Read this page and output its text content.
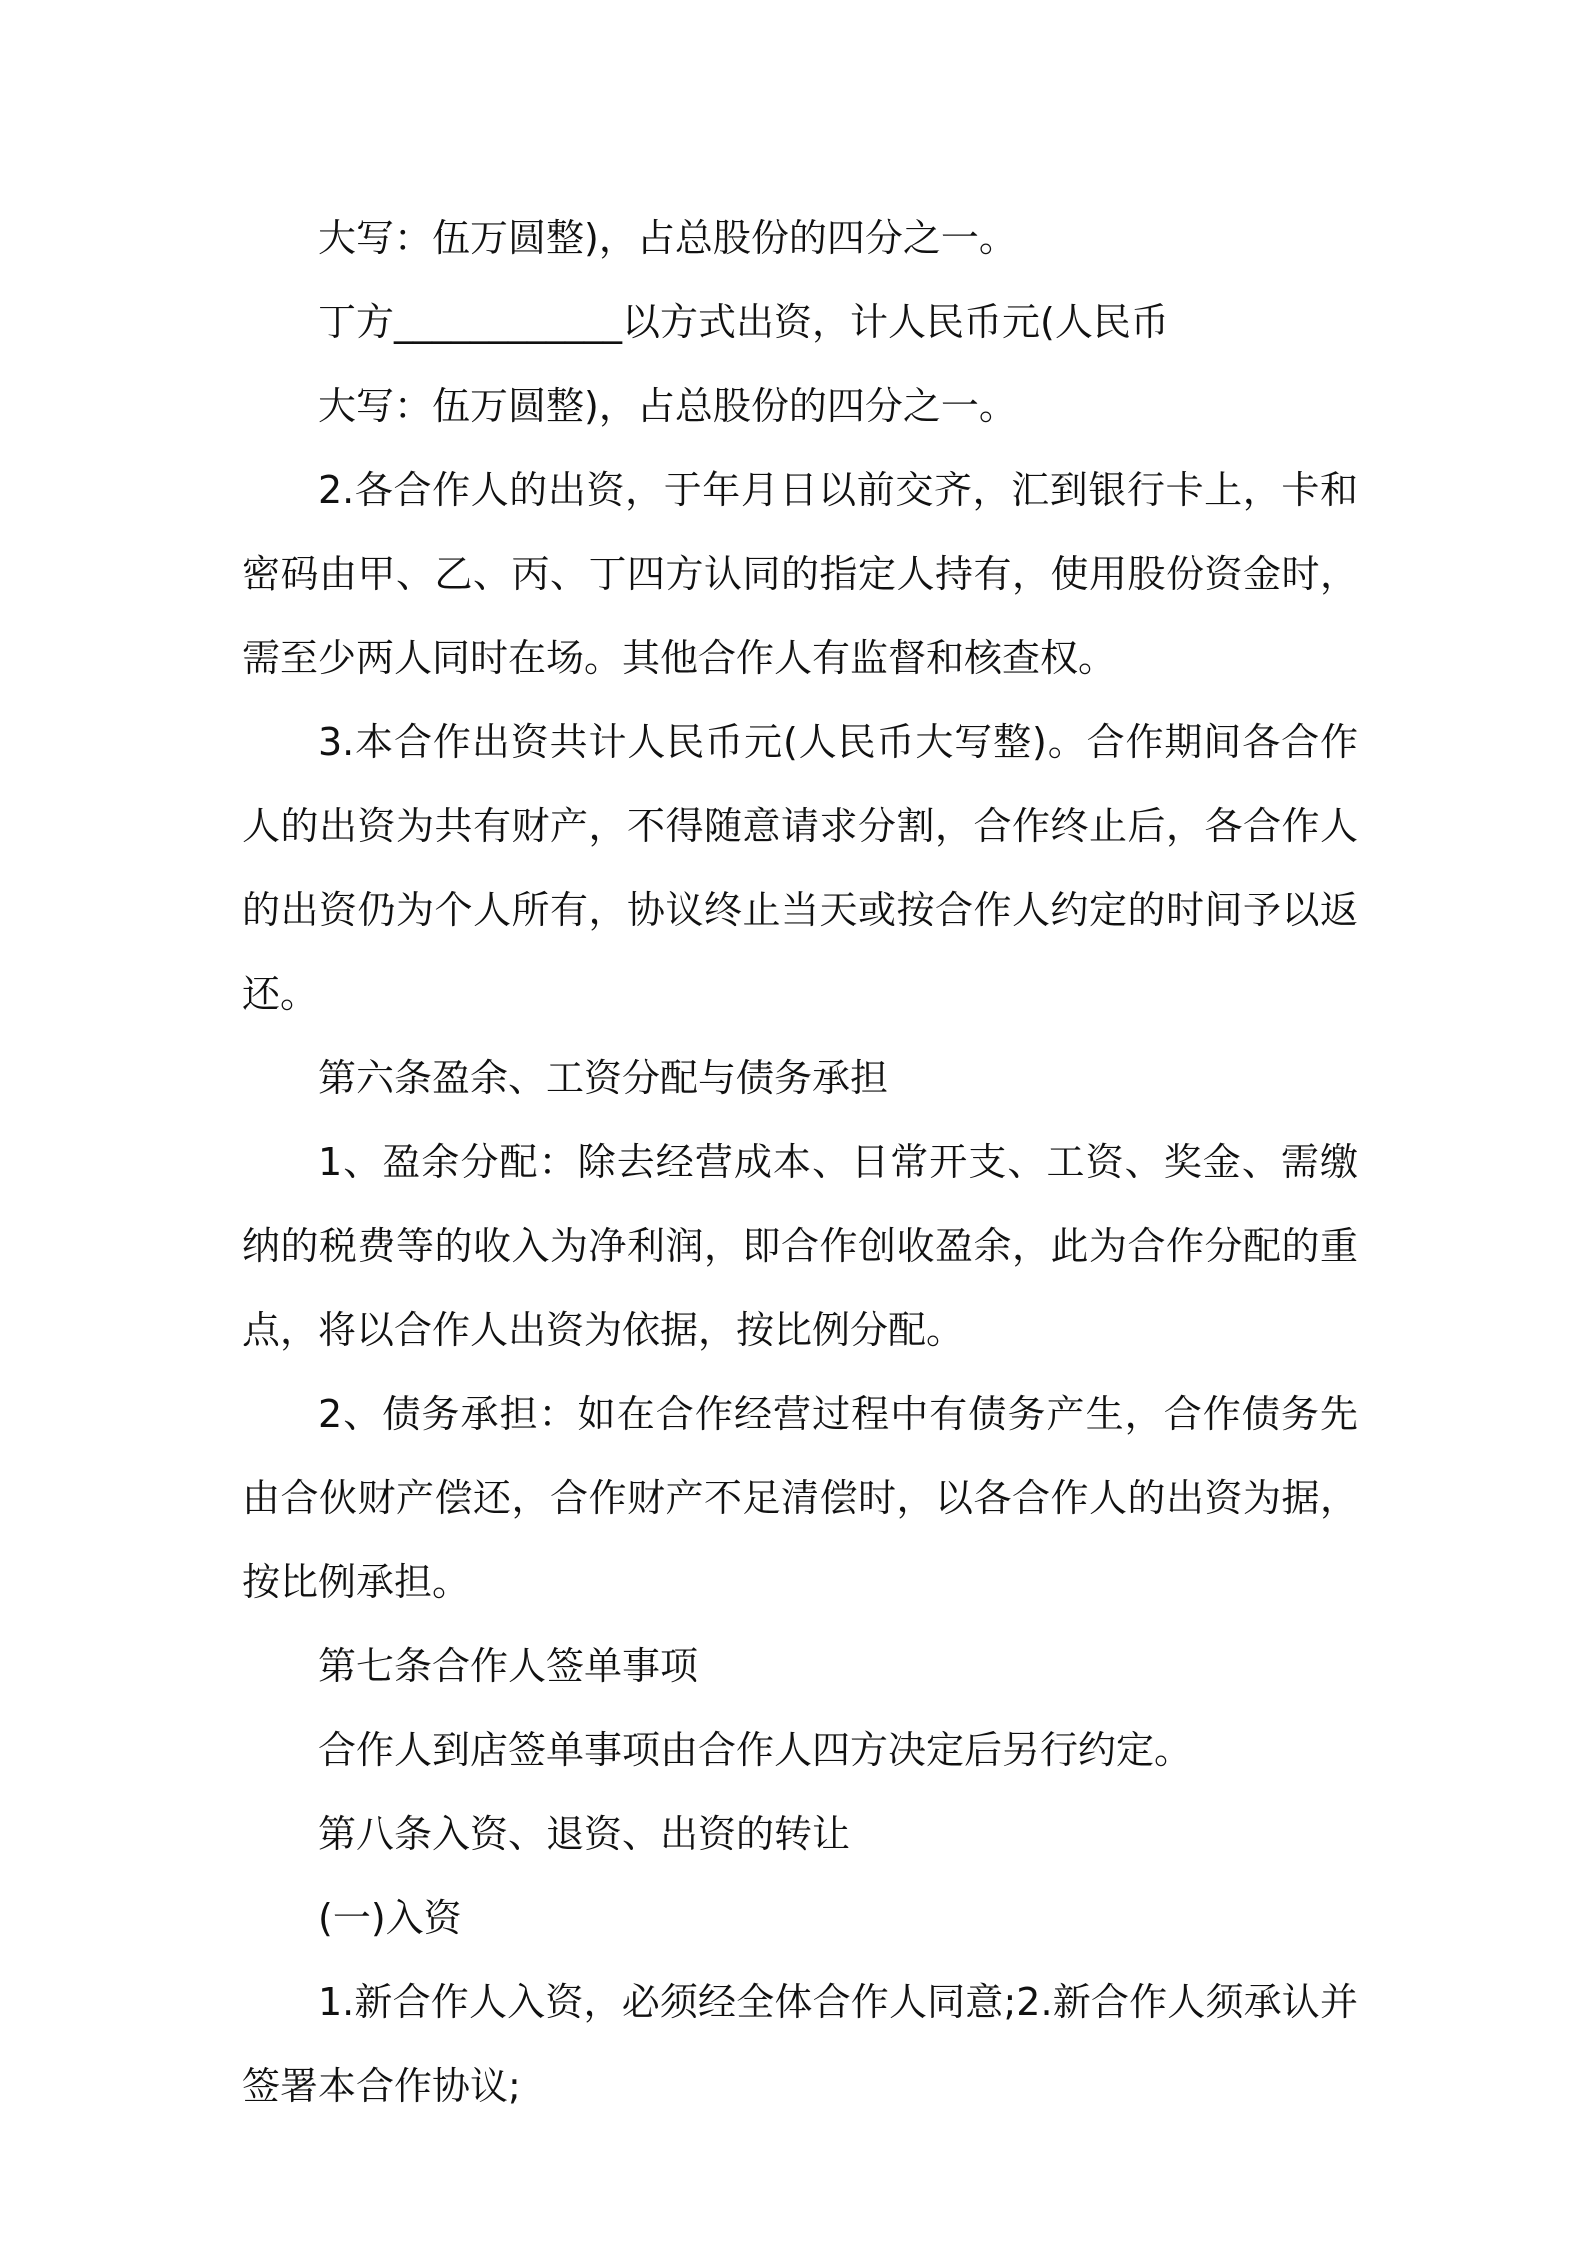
大写：伍万圆整)，占总股份的四分之一。

丁方____________以方式出资，计人民币元(人民币

大写：伍万圆整)，占总股份的四分之一。

2.各合作人的出资，于年月日以前交齐，汇到银行卡上，卡和密码由甲、乙、丙、丁四方认同的指定人持有，使用股份资金时，需至少两人同时在场。其他合作人有监督和核查权。

3.本合作出资共计人民币元(人民币大写整)。合作期间各合作人的出资为共有财产，不得随意请求分割，合作终止后，各合作人的出资仍为个人所有，协议终止当天或按合作人约定的时间予以返还。

第六条盈余、工资分配与债务承担

1、盈余分配：除去经营成本、日常开支、工资、奖金、需缴纳的税费等的收入为净利润，即合作创收盈余，此为合作分配的重点，将以合作人出资为依据，按比例分配。

2、债务承担：如在合作经营过程中有债务产生，合作债务先由合伙财产偿还，合作财产不足清偿时，以各合作人的出资为据，按比例承担。

第七条合作人签单事项

合作人到店签单事项由合作人四方决定后另行约定。

第八条入资、退资、出资的转让

(一)入资

1.新合作人入资，必须经全体合作人同意;2.新合作人须承认并签署本合作协议;
